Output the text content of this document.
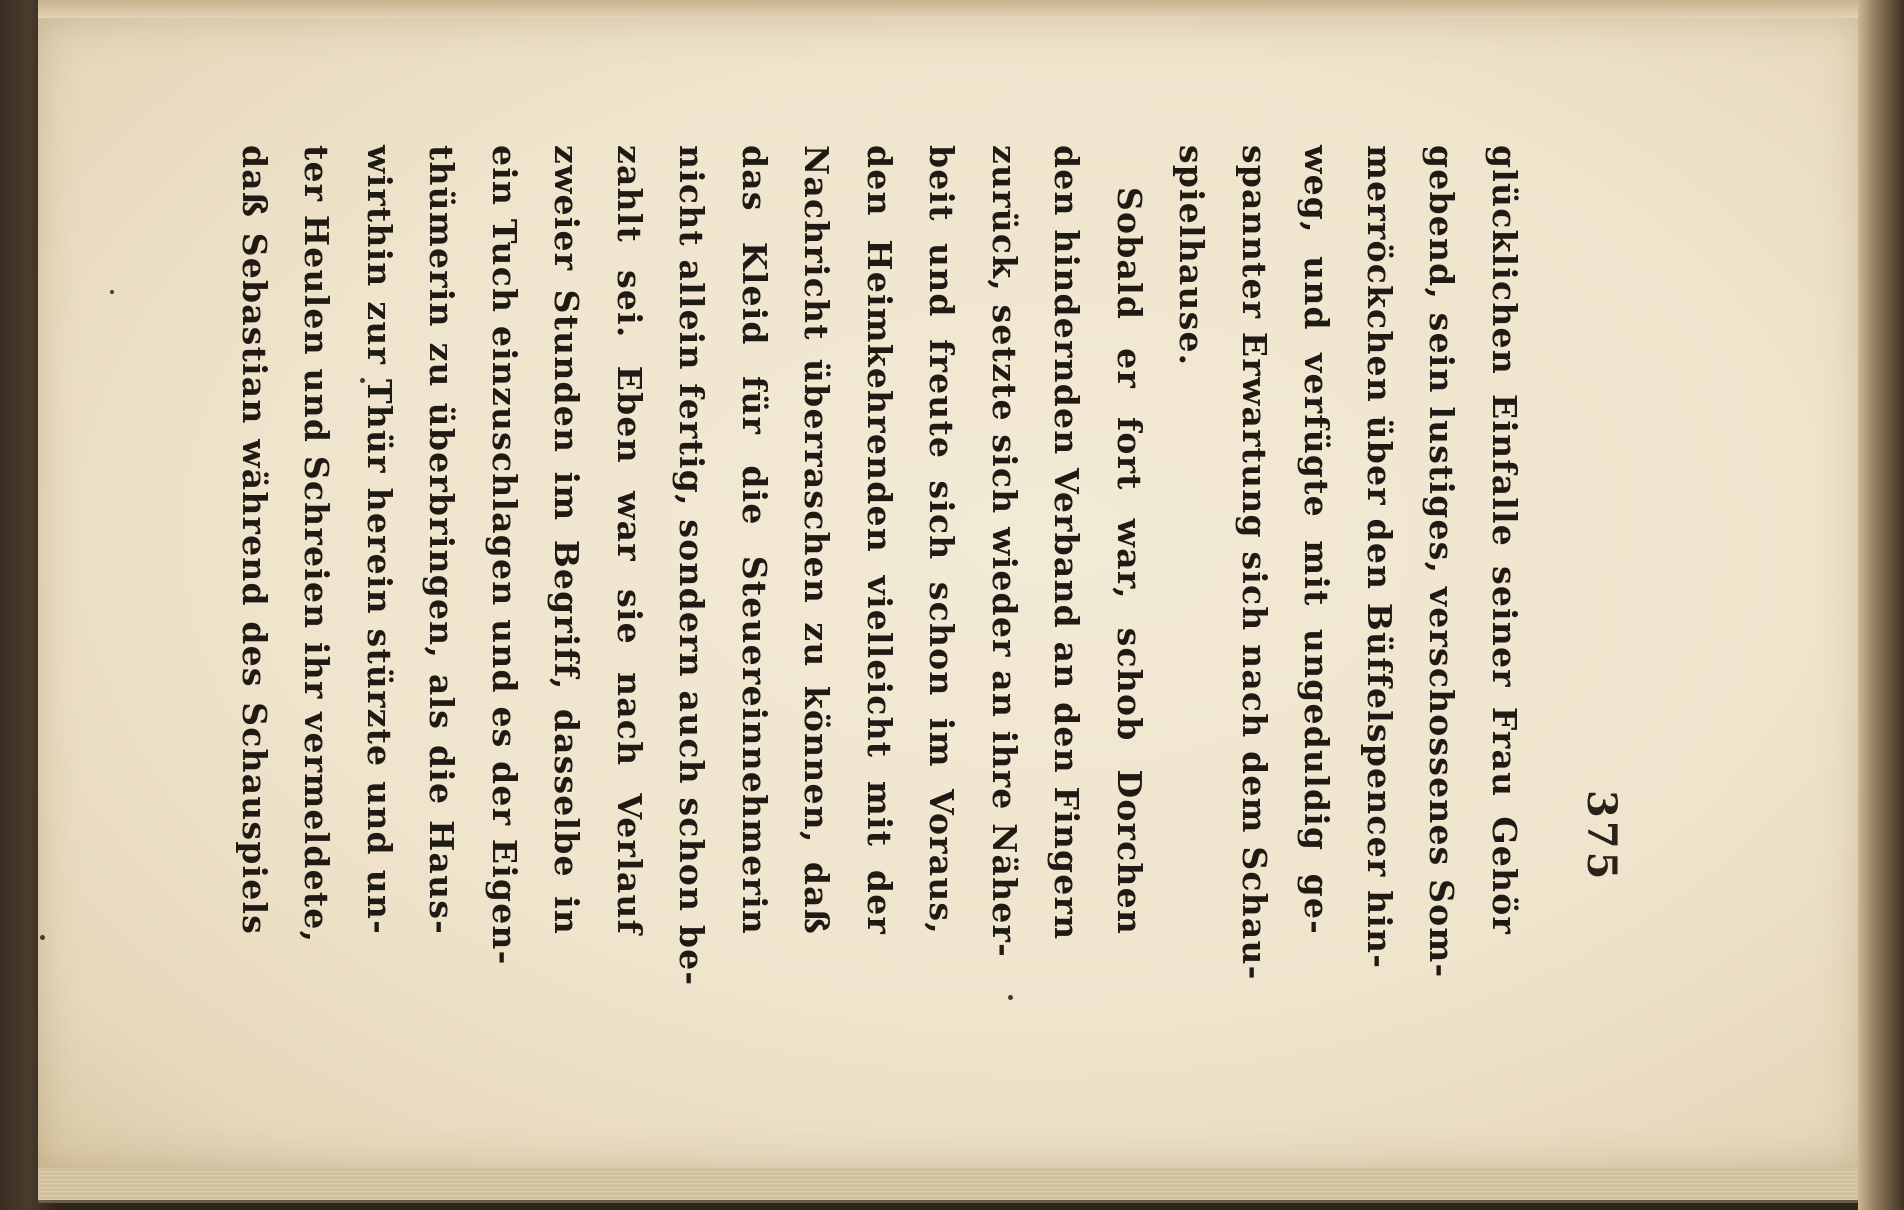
glücklichen Einfalle seiner Frau Gehör
gebend, sein lustiges, verschossenes Som-
merröckchen über den Büffelspencer hin-
weg, und verfügte mit ungeduldig ge-
spannter Erwartung sich nach dem Schau-
spielhause.
Sobald er fort war, schob Dorchen
den hindernden Verband an den Fingern
zurück, setzte sich wieder an ihre Näher-
beit und freute sich schon im Voraus,
den Heimkehrenden vielleicht mit der
Nachricht überraschen zu können, daß
das Kleid für die Steuereinnehmerin
nicht allein fertig, sondern auch schon be-
zahlt sei. Eben war sie nach Verlauf
zweier Stunden im Begriff, dasselbe in
ein Tuch einzuschlagen und es der Eigen-
thümerin zu überbringen, als die Haus-
wirthin zur Thür herein stürzte und un-
ter Heulen und Schreien ihr vermeldete,
daß Sebastian während des Schauspiels	375
